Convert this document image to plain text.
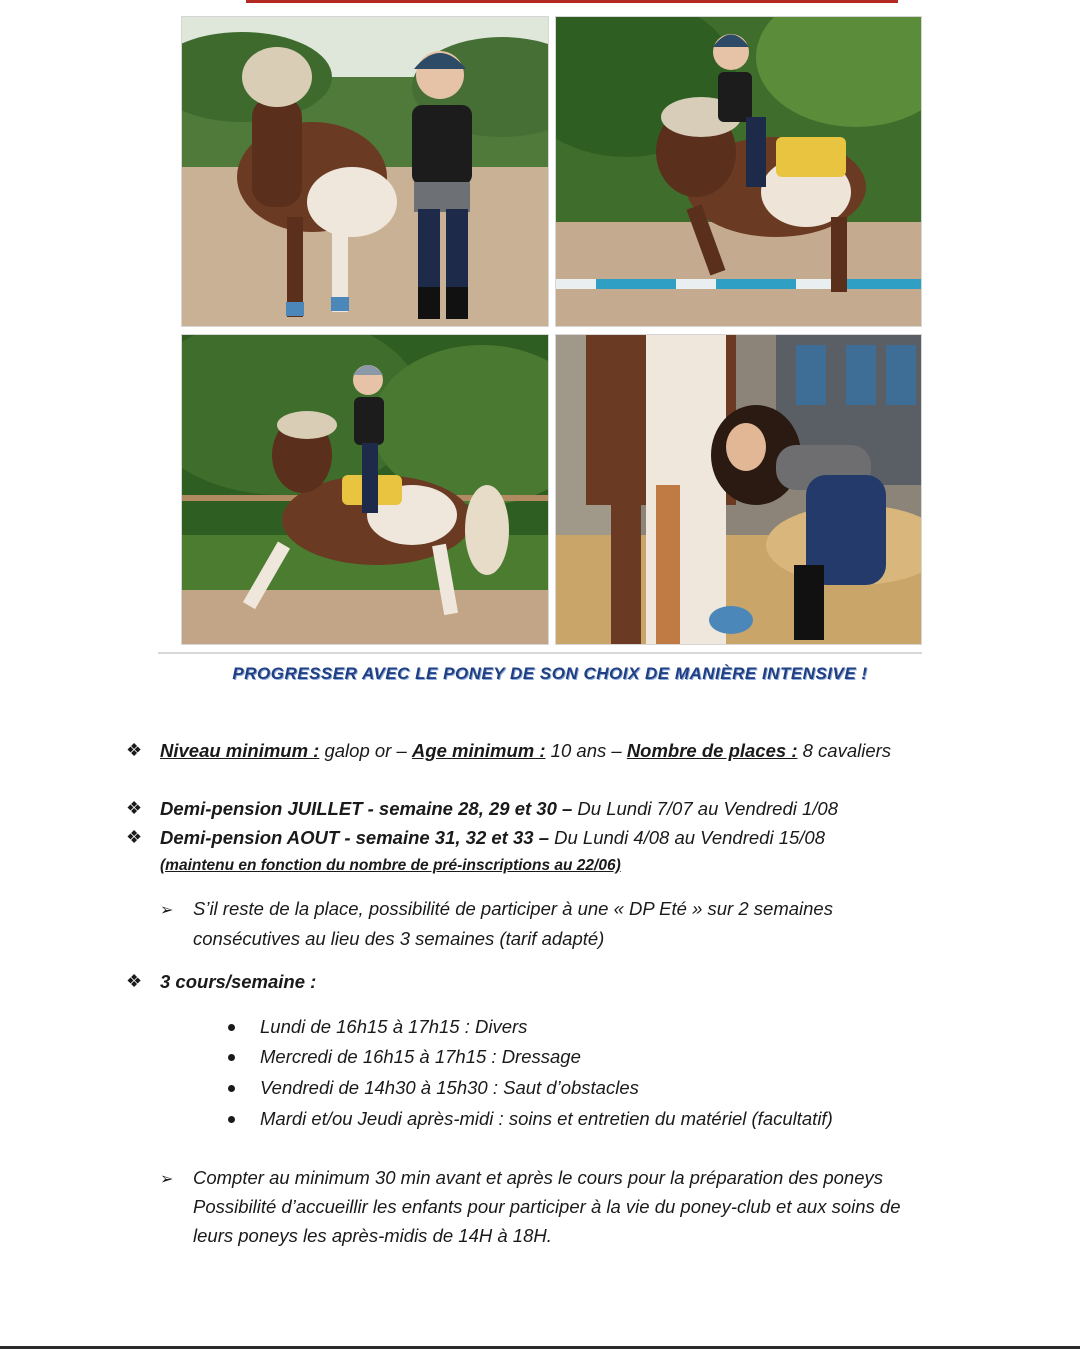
PROGRESSER AVEC LE PONEY DE SON CHOIX DE MANIÈRE INTENSIVE !
❖ Niveau minimum : galop or – Age minimum : 10 ans – Nombre de places : 8 cavaliers
❖ Demi-pension JUILLET - semaine 28, 29 et 30 – Du Lundi 7/07 au Vendredi 1/08
❖ Demi-pension AOUT - semaine 31, 32 et 33 – Du Lundi 4/08 au Vendredi 15/08
(maintenu en fonction du nombre de pré-inscriptions au 22/06)
➢ S’il reste de la place, possibilité de participer à une « DP Eté » sur 2 semaines
consécutives au lieu des 3 semaines (tarif adapté)
❖ 3 cours/semaine :
Lundi de 16h15 à 17h15 : Divers
Mercredi de 16h15 à 17h15 : Dressage
Vendredi de 14h30 à 15h30 : Saut d’obstacles
Mardi et/ou Jeudi après-midi : soins et entretien du matériel (facultatif)
➢ Compter au minimum 30 min avant et après le cours pour la préparation des poneys
Possibilité d’accueillir les enfants pour participer à la vie du poney-club et aux soins de
leurs poneys les après-midis de 14H à 18H.
